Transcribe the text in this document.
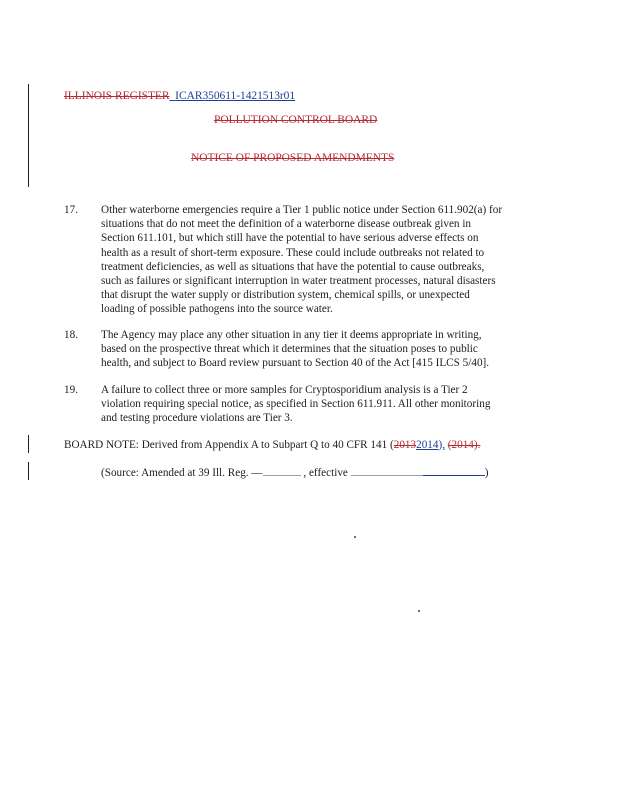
ILLINOIS REGISTER ICAR350611-1421513r01
POLLUTION CONTROL BOARD
NOTICE OF PROPOSED AMENDMENTS
17.	Other waterborne emergencies require a Tier 1 public notice under Section 611.902(a) for
situations that do not meet the definition of a waterborne disease outbreak given in
Section 611.101, but which still have the potential to have serious adverse effects on
health as a result of short-term exposure. These could include outbreaks not related to
treatment deficiencies, as well as situations that have the potential to cause outbreaks,
such as failures or significant interruption in water treatment processes, natural disasters
that disrupt the water supply or distribution system, chemical spills, or unexpected
loading of possible pathogens into the source water.
18.	The Agency may place any other situation in any tier it deems appropriate in writing,
based on the prospective threat which it determines that the situation poses to public
health, and subject to Board review pursuant to Section 40 of the Act [415 ILCS 5/40].
19.	A failure to collect three or more samples for Cryptosporidium analysis is a Tier 2
violation requiring special notice, as specified in Section 611.911. All other monitoring
and testing procedure violations are Tier 3.
BOARD NOTE: Derived from Appendix A to Subpart Q to 40 CFR 141 (20132014), (2014).
(Source: Amended at 39 Ill. Reg. —	, effective	)
